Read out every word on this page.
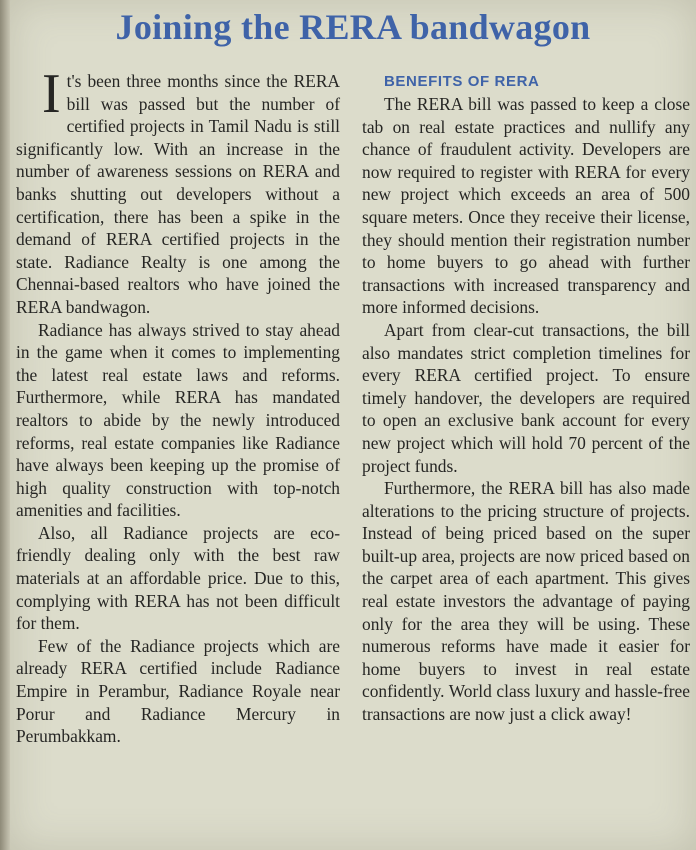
Joining the RERA bandwagon

It's been three months since the RERA bill was passed but the number of certified projects in Tamil Nadu is still significantly low. With an increase in the number of awareness sessions on RERA and banks shutting out developers without a certification, there has been a spike in the demand of RERA certified projects in the state. Radiance Realty is one among the Chennai-based realtors who have joined the RERA bandwagon.

Radiance has always strived to stay ahead in the game when it comes to implementing the latest real estate laws and reforms. Furthermore, while RERA has mandated realtors to abide by the newly introduced reforms, real estate companies like Radiance have always been keeping up the promise of high quality construction with top-notch amenities and facilities.

Also, all Radiance projects are eco-friendly dealing only with the best raw materials at an affordable price. Due to this, complying with RERA has not been difficult for them.

Few of the Radiance projects which are already RERA certified include Radiance Empire in Perambur, Radiance Royale near Porur and Radiance Mercury in Perumbakkam.

BENEFITS OF RERA

The RERA bill was passed to keep a close tab on real estate practices and nullify any chance of fraudulent activity. Developers are now required to register with RERA for every new project which exceeds an area of 500 square meters. Once they receive their license, they should mention their registration number to home buyers to go ahead with further transactions with increased transparency and more informed decisions.

Apart from clear-cut transactions, the bill also mandates strict completion timelines for every RERA certified project. To ensure timely handover, the developers are required to open an exclusive bank account for every new project which will hold 70 percent of the project funds.

Furthermore, the RERA bill has also made alterations to the pricing structure of projects. Instead of being priced based on the super built-up area, projects are now priced based on the carpet area of each apartment. This gives real estate investors the advantage of paying only for the area they will be using. These numerous reforms have made it easier for home buyers to invest in real estate confidently. World class luxury and hassle-free transactions are now just a click away!
